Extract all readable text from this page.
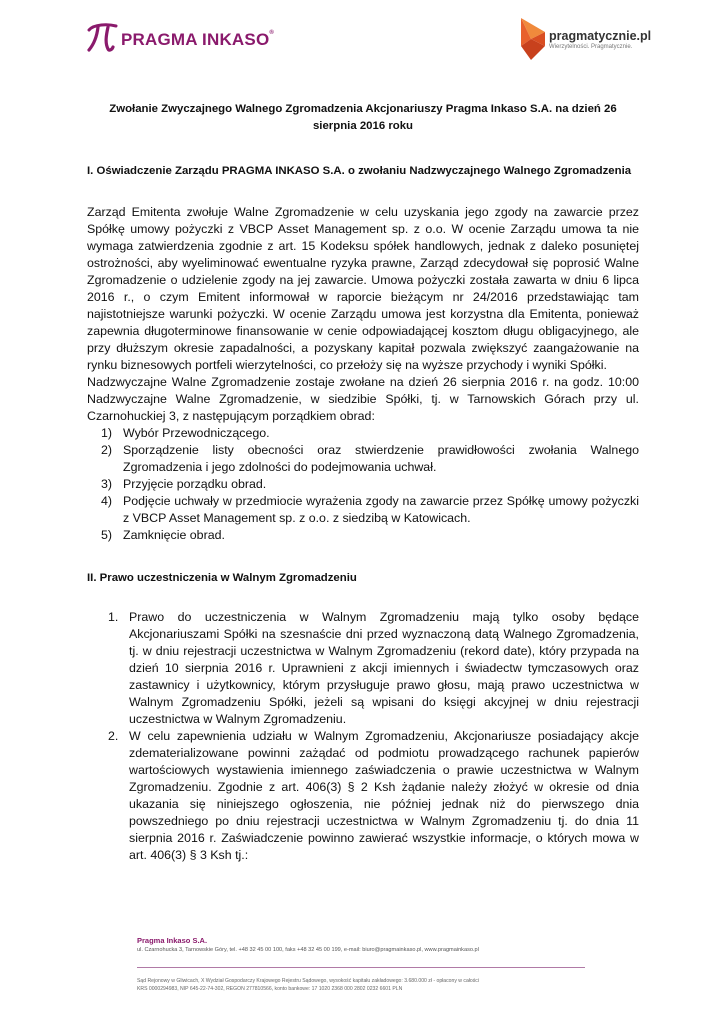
PRAGMA INKASO®	pragmatycznie.pl
Wierzytelności. Pragmatycznie.

Zwołanie Zwyczajnego Walnego Zgromadzenia Akcjonariuszy Pragma Inkaso S.A. na dzień 26 sierpnia 2016 roku

I. Oświadczenie Zarządu PRAGMA INKASO S.A. o zwołaniu Nadzwyczajnego Walnego Zgromadzenia

Zarząd Emitenta zwołuje Walne Zgromadzenie w celu uzyskania jego zgody na zawarcie przez Spółkę umowy pożyczki z VBCP Asset Management sp. z o.o. W ocenie Zarządu umowa ta nie wymaga zatwierdzenia zgodnie z art. 15 Kodeksu spółek handlowych, jednak z daleko posuniętej ostrożności, aby wyeliminować ewentualne ryzyka prawne, Zarząd zdecydował się poprosić Walne Zgromadzenie o udzielenie zgody na jej zawarcie. Umowa pożyczki została zawarta w dniu 6 lipca 2016 r., o czym Emitent informował w raporcie bieżącym nr 24/2016 przedstawiając tam najistotniejsze warunki pożyczki. W ocenie Zarządu umowa jest korzystna dla Emitenta, ponieważ zapewnia długoterminowe finansowanie w cenie odpowiadającej kosztom długu obligacyjnego, ale przy dłuższym okresie zapadalności, a pozyskany kapitał pozwala zwiększyć zaangażowanie na rynku biznesowych portfeli wierzytelności, co przełoży się na wyższe przychody i wyniki Spółki.

Nadzwyczajne Walne Zgromadzenie zostaje zwołane na dzień 26 sierpnia 2016 r. na godz. 10:00 Nadzwyczajne Walne Zgromadzenie, w siedzibie Spółki, tj. w Tarnowskich Górach przy ul. Czarnohuckiej 3, z następującym porządkiem obrad:

1) Wybór Przewodniczącego.
2) Sporządzenie listy obecności oraz stwierdzenie prawidłowości zwołania Walnego Zgromadzenia i jego zdolności do podejmowania uchwał.
3) Przyjęcie porządku obrad.
4) Podjęcie uchwały w przedmiocie wyrażenia zgody na zawarcie przez Spółkę umowy pożyczki z VBCP Asset Management sp. z o.o. z siedzibą w Katowicach.
5) Zamknięcie obrad.

II. Prawo uczestniczenia w Walnym Zgromadzeniu

1. Prawo do uczestniczenia w Walnym Zgromadzeniu mają tylko osoby będące Akcjonariuszami Spółki na szesnaście dni przed wyznaczoną datą Walnego Zgromadzenia, tj. w dniu rejestracji uczestnictwa w Walnym Zgromadzeniu (rekord date), który przypada na dzień 10 sierpnia 2016 r. Uprawnieni z akcji imiennych i świadectw tymczasowych oraz zastawnicy i użytkownicy, którym przysługuje prawo głosu, mają prawo uczestnictwa w Walnym Zgromadzeniu Spółki, jeżeli są wpisani do księgi akcyjnej w dniu rejestracji uczestnictwa w Walnym Zgromadzeniu.
2. W celu zapewnienia udziału w Walnym Zgromadzeniu, Akcjonariusze posiadający akcje zdematerializowane powinni zażądać od podmiotu prowadzącego rachunek papierów wartościowych wystawienia imiennego zaświadczenia o prawie uczestnictwa w Walnym Zgromadzeniu. Zgodnie z art. 406(3) § 2 Ksh żądanie należy złożyć w okresie od dnia ukazania się niniejszego ogłoszenia, nie później jednak niż do pierwszego dnia powszedniego po dniu rejestracji uczestnictwa w Walnym Zgromadzeniu tj. do dnia 11 sierpnia 2016 r. Zaświadczenie powinno zawierać wszystkie informacje, o których mowa w art. 406(3) § 3 Ksh tj.:
Pragma Inkaso S.A.
ul. Czarnohucka 3, Tarnowskie Góry, tel. +48 32 45 00 100, faks +48 32 45 00 199, e-mail: biuro@pragmainkaso.pl, www.pragmainkaso.pl
Sąd Rejonowy w Gliwicach, X Wydział Gospodarczy Krajowego Rejestru Sądowego, wysokość kapitału zakładowego: 3.680.000 zł - opłacony w całości
KRS 0000294983, NIP 645-22-74-302, REGON 277810566, konto bankowe: 17 1020 2368 000 2802 0232 6601 PLN
